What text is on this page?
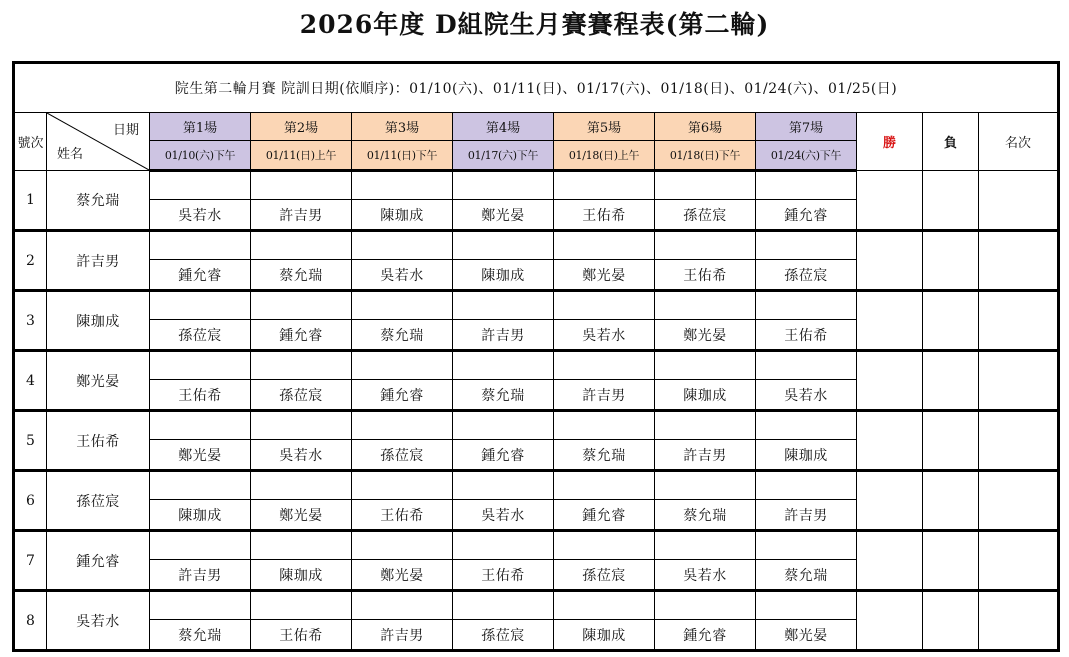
2026年度 D組院生月賽賽程表(第二輪)
院生第二輪月賽 院訓日期(依順序)：01/10(六)、01/11(日)、01/17(六)、01/18(日)、01/24(六)、01/25(日)											
號次	日期
姓名	第1場	第2場	第3場	第4場	第5場	第6場	第7場	勝	負	名次
		01/10(六)下午	01/11(日)上午	01/11(日)下午	01/17(六)下午	01/18(日)上午	01/18(日)下午	01/24(六)下午			
1	蔡允瑞										
		吳若水	許吉男	陳珈成	鄭光晏	王佑希	孫莅宸	鍾允睿			
2	許吉男										
		鍾允睿	蔡允瑞	吳若水	陳珈成	鄭光晏	王佑希	孫莅宸			
3	陳珈成										
		孫莅宸	鍾允睿	蔡允瑞	許吉男	吳若水	鄭光晏	王佑希			
4	鄭光晏										
		王佑希	孫莅宸	鍾允睿	蔡允瑞	許吉男	陳珈成	吳若水			
5	王佑希										
		鄭光晏	吳若水	孫莅宸	鍾允睿	蔡允瑞	許吉男	陳珈成			
6	孫莅宸										
		陳珈成	鄭光晏	王佑希	吳若水	鍾允睿	蔡允瑞	許吉男			
7	鍾允睿										
		許吉男	陳珈成	鄭光晏	王佑希	孫莅宸	吳若水	蔡允瑞			
8	吳若水										
		蔡允瑞	王佑希	許吉男	孫莅宸	陳珈成	鍾允睿	鄭光晏			
